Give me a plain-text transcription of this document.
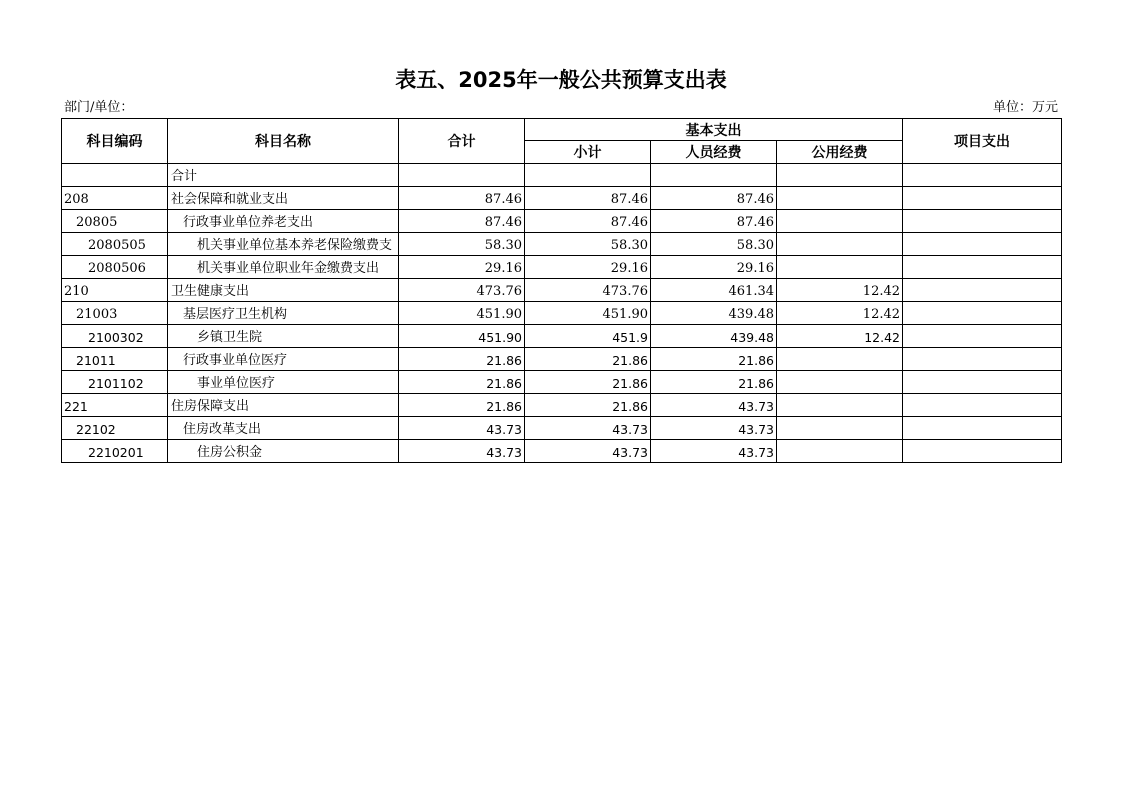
表五、2025年一般公共预算支出表
部门/单位：	单位：万元
科目编码	科目名称	合计	基本支出			项目支出
			小计	人员经费	公用经费	
	合计					
208	社会保障和就业支出	87.46	87.46	87.46		
20805	行政事业单位养老支出	87.46	87.46	87.46		
2080505	机关事业单位基本养老保险缴费支	58.30	58.30	58.30		
2080506	机关事业单位职业年金缴费支出	29.16	29.16	29.16		
210	卫生健康支出	473.76	473.76	461.34	12.42	
21003	基层医疗卫生机构	451.90	451.90	439.48	12.42	
2100302	乡镇卫生院	451.90	451.9	439.48	12.42	
21011	行政事业单位医疗	21.86	21.86	21.86		
2101102	事业单位医疗	21.86	21.86	21.86		
221	住房保障支出	21.86	21.86	43.73		
22102	住房改革支出	43.73	43.73	43.73		
2210201	住房公积金	43.73	43.73	43.73		
